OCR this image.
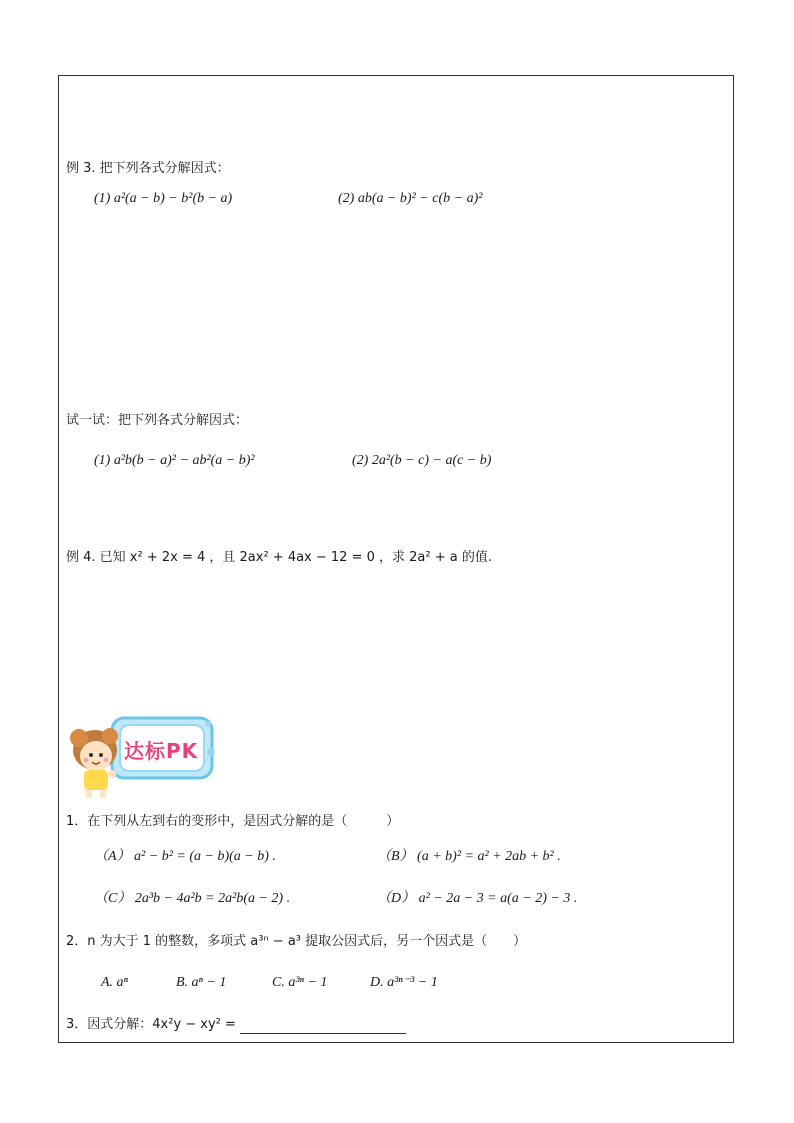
例 3. 把下列各式分解因式：
(1) a²(a − b) − b²(b − a)	(2) ab(a − b)² − c(b − a)²
试一试：把下列各式分解因式：
(1) a²b(b − a)² − ab²(a − b)²	(2) 2a²(b − c) − a(c − b)
例 4. 已知 x² + 2x = 4 ，且 2ax² + 4ax − 12 = 0 ，求 2a² + a 的值.
达标PK
1．在下列从左到右的变形中，是因式分解的是（　　　）
（A） a² − b² = (a − b)(a − b) .	（B） (a + b)² = a² + 2ab + b² .
（C） 2a³b − 4a²b = 2a²b(a − 2) .	（D） a² − 2a − 3 = a(a − 2) − 3 .
2．n 为大于 1 的整数，多项式 a³ⁿ − a³ 提取公因式后，另一个因式是（　　）
A. aⁿ	B. aⁿ − 1	C. a³ⁿ − 1	D. a³ⁿ⁻³ − 1
3．因式分解：4x²y − xy² =
